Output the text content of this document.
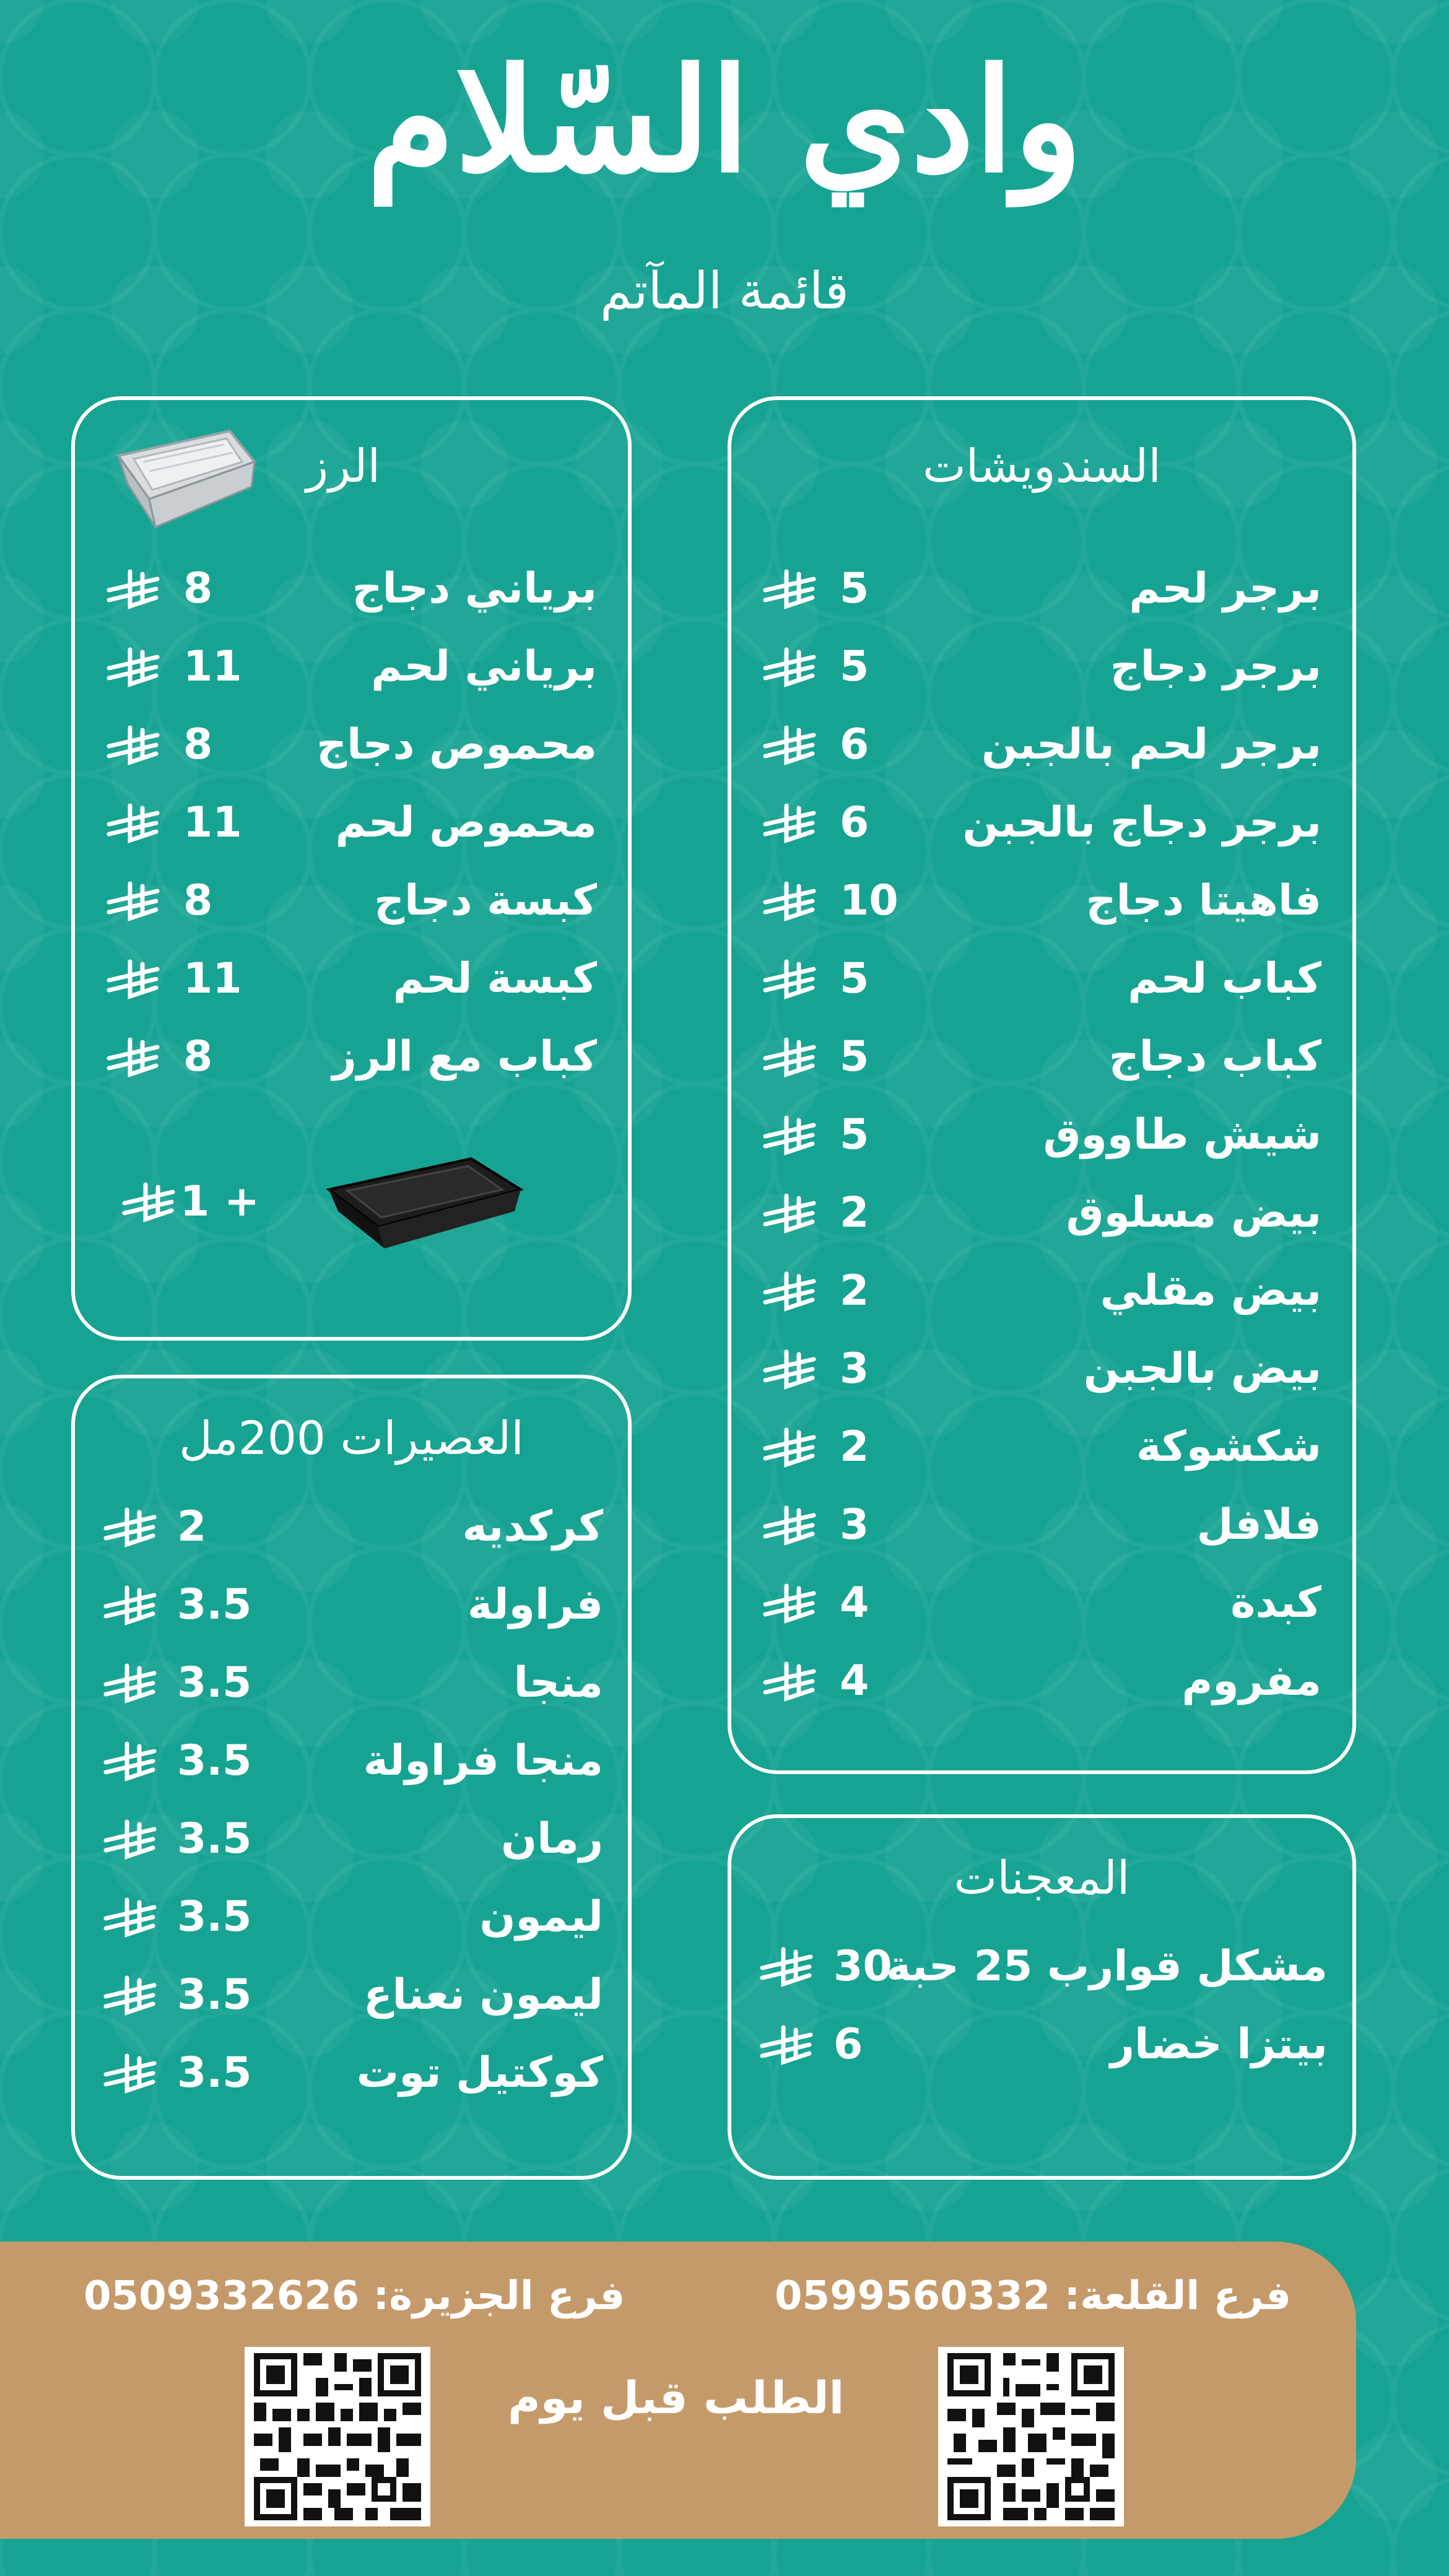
وادي السّلام
قائمة المآتم
السندويشات
برجر لحم
5
برجر دجاج
5
برجر لحم بالجبن
6
برجر دجاج بالجبن
6
فاهيتا دجاج
10
كباب لحم
5
كباب دجاج
5
شيش طاووق
5
بيض مسلوق
2
بيض مقلي
2
بيض بالجبن
3
شكشوكة
2
فلافل
3
كبدة
4
مفروم
4
الرز
برياني دجاج
8
برياني لحم
11
محموص دجاج
8
محموص لحم
11
كبسة دجاج
8
كبسة لحم
11
كباب مع الرز
8
1 +
العصيرات 200مل
كركديه
2
فراولة
3.5
منجا
3.5
منجا فراولة
3.5
رمان
3.5
ليمون
3.5
ليمون نعناع
3.5
كوكتيل توت
3.5
المعجنات
مشكل قوارب 25 حبة
30
بيتزا خضار
6
فرع القلعة: 0599560332
فرع الجزيرة: 0509332626
الطلب قبل يوم
